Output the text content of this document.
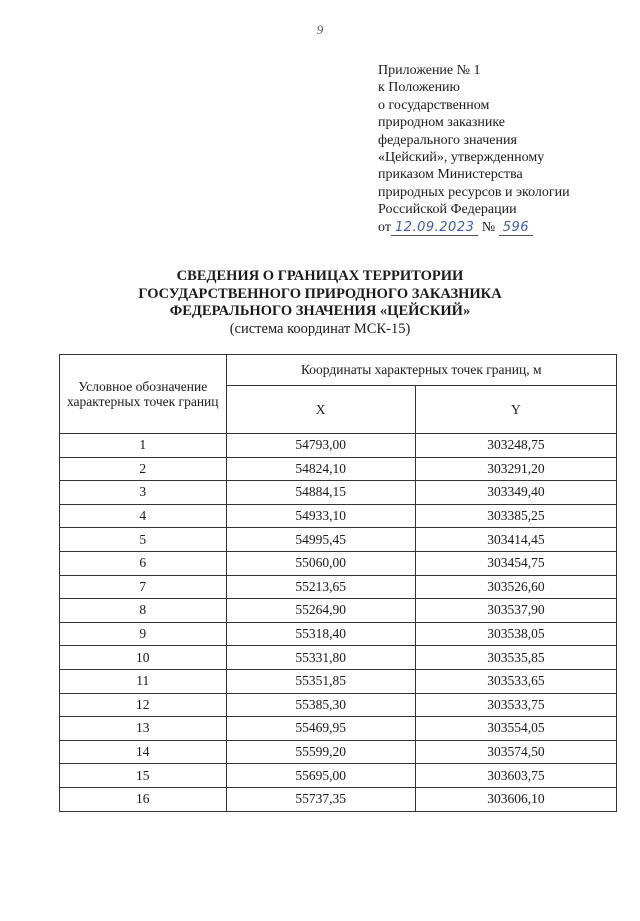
9
Приложение № 1
к Положению
о государственном
природном заказнике
федерального значения
«Цейский», утвержденному
приказом Министерства
природных ресурсов и экологии
Российской Федерации
от 12.09.2023 № 596
СВЕДЕНИЯ О ГРАНИЦАХ ТЕРРИТОРИИ
ГОСУДАРСТВЕННОГО ПРИРОДНОГО ЗАКАЗНИКА
ФЕДЕРАЛЬНОГО ЗНАЧЕНИЯ «ЦЕЙСКИЙ»
(система координат МСК-15)
Условное обозначение характерных точек границ	Координаты характерных точек границ, м	
	X	Y
1	54793,00	303248,75
2	54824,10	303291,20
3	54884,15	303349,40
4	54933,10	303385,25
5	54995,45	303414,45
6	55060,00	303454,75
7	55213,65	303526,60
8	55264,90	303537,90
9	55318,40	303538,05
10	55331,80	303535,85
11	55351,85	303533,65
12	55385,30	303533,75
13	55469,95	303554,05
14	55599,20	303574,50
15	55695,00	303603,75
16	55737,35	303606,10
